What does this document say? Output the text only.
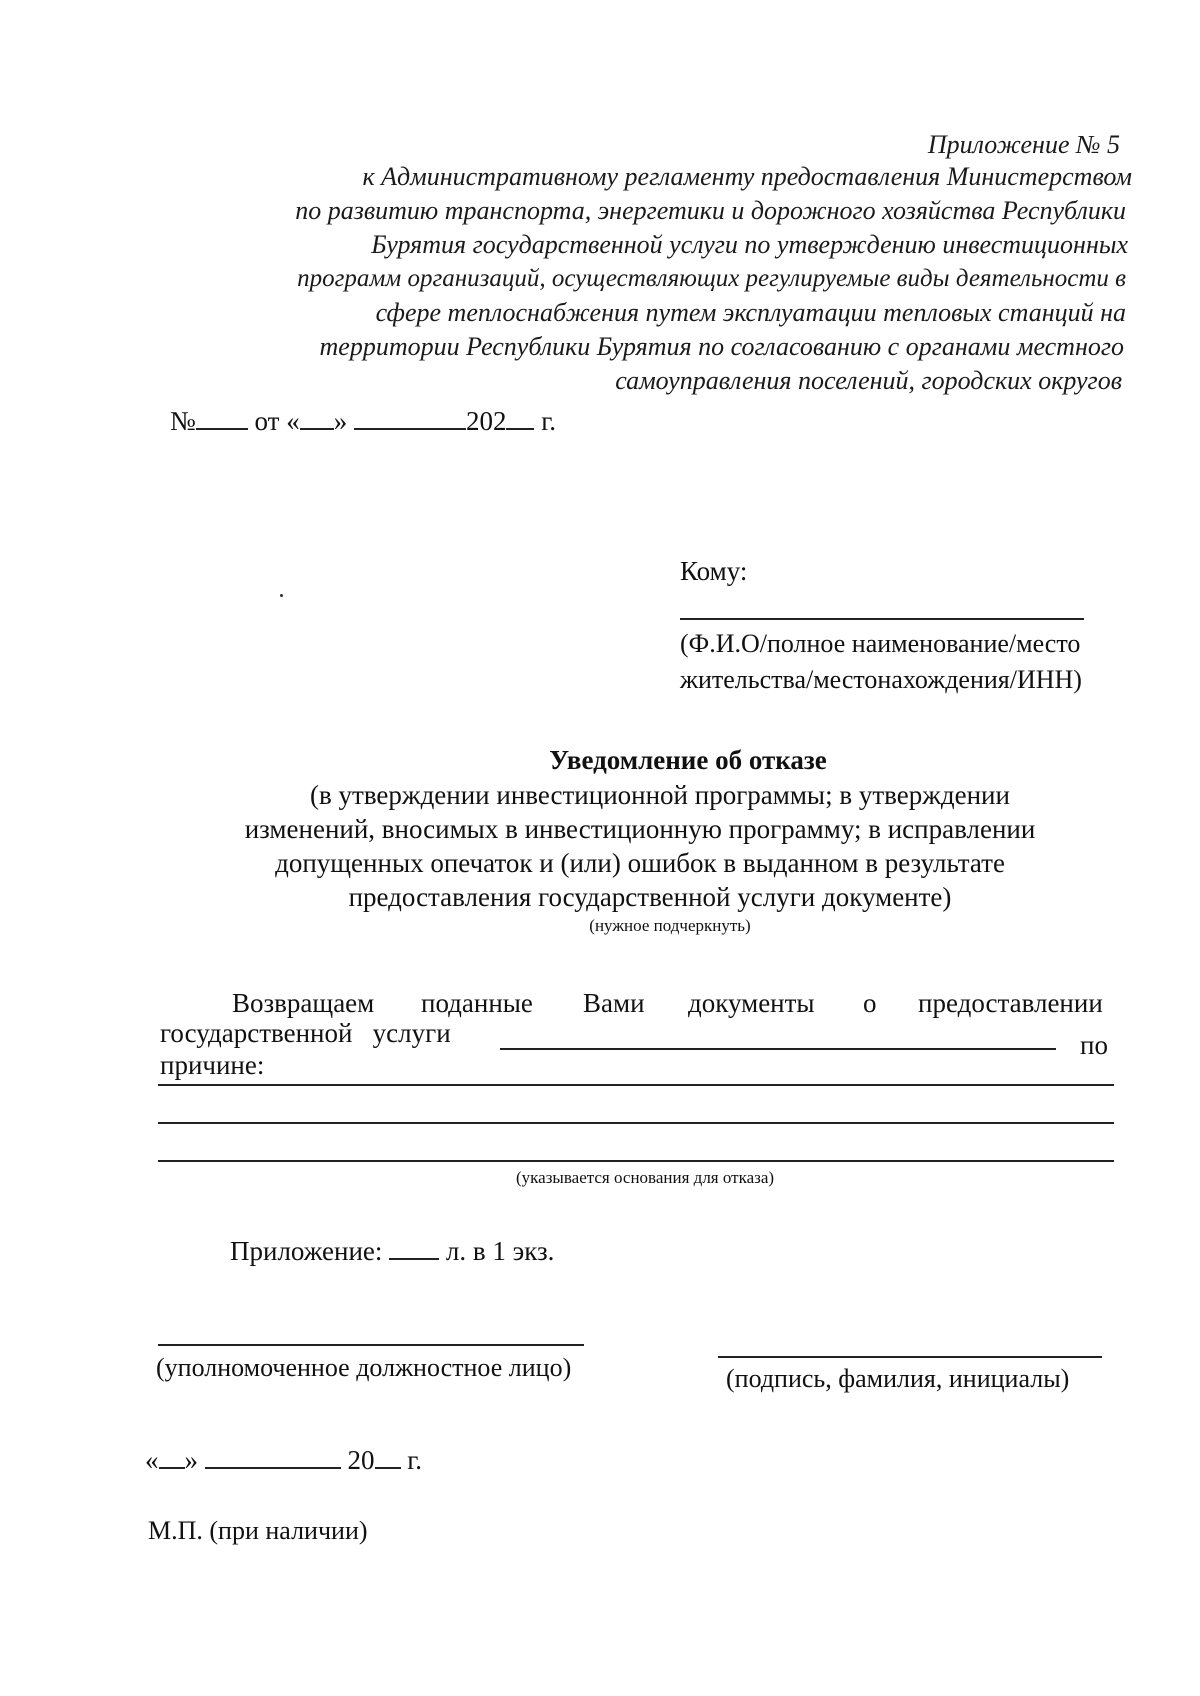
Приложение № 5
к Административному регламенту предоставления Министерством
по развитию транспорта, энергетики и дорожного хозяйства Республики
Бурятия государственной услуги по утверждению инвестиционных
программ организаций, осуществляющих регулируемые виды деятельности в
сфере теплоснабжения путем эксплуатации тепловых станций на
территории Республики Бурятия по согласованию с органами местного
самоуправления поселений, городских округов
№ от « »	202 г.
Кому:
(Ф.И.О/полное наименование/место
жительства/местонахождения/ИНН)
Уведомление об отказе
(в утверждении инвестиционной программы; в утверждении
изменений, вносимых в инвестиционную программу; в исправлении
допущенных опечаток и (или) ошибок в выданном в результате
предоставления государственной услуги документе)
(нужное подчеркнуть)
Возвращаем поданные Вами документы о предоставлении
государственной   услуги	по
причине:
(указывается основания для отказа)
Приложение: л. в 1 экз.
(уполномоченное должностное лицо)	(подпись, фамилия, инициалы)
« »	20 г.
М.П. (при наличии)
